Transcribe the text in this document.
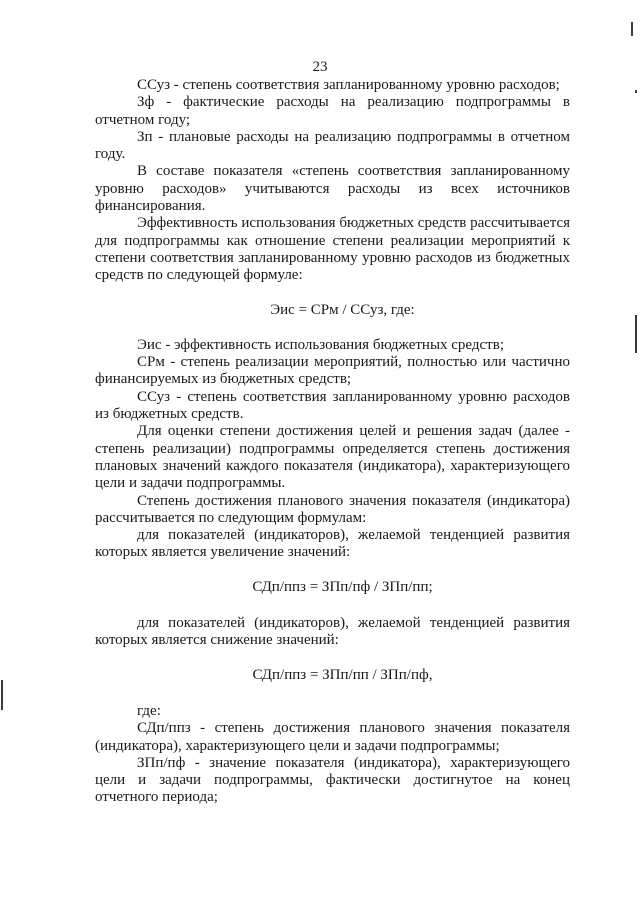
23

ССуз - степень соответствия запланированному уровню расходов;

Зф - фактические расходы на реализацию подпрограммы в отчетном году;

Зп - плановые расходы на реализацию подпрограммы в отчетном году.

В составе показателя «степень соответствия запланированному уровню расходов» учитываются расходы из всех источников финансирования.

Эффективность использования бюджетных средств рассчитывается для подпрограммы как отношение степени реализации мероприятий к степени соответствия запланированному уровню расходов из бюджетных средств по следующей формуле:

Эис = СРм / ССуз, где:

Эис - эффективность использования бюджетных средств;

СРм - степень реализации мероприятий, полностью или частично финансируемых из бюджетных средств;

ССуз - степень соответствия запланированному уровню расходов из бюджетных средств.

Для оценки степени достижения целей и решения задач (далее - степень реализации) подпрограммы определяется степень достижения плановых значений каждого показателя (индикатора), характеризующего цели и задачи подпрограммы.

Степень достижения планового значения показателя (индикатора) рассчитывается по следующим формулам:

для показателей (индикаторов), желаемой тенденцией развития которых является увеличение значений:

СДп/ппз = ЗПп/пф / ЗПп/пп;

для показателей (индикаторов), желаемой тенденцией развития которых является снижение значений:

СДп/ппз = ЗПп/пп / ЗПп/пф,

где:

СДп/ппз - степень достижения планового значения показателя (индикатора), характеризующего цели и задачи подпрограммы;

ЗПп/пф - значение показателя (индикатора), характеризующего цели и задачи подпрограммы, фактически достигнутое на конец отчетного периода;
